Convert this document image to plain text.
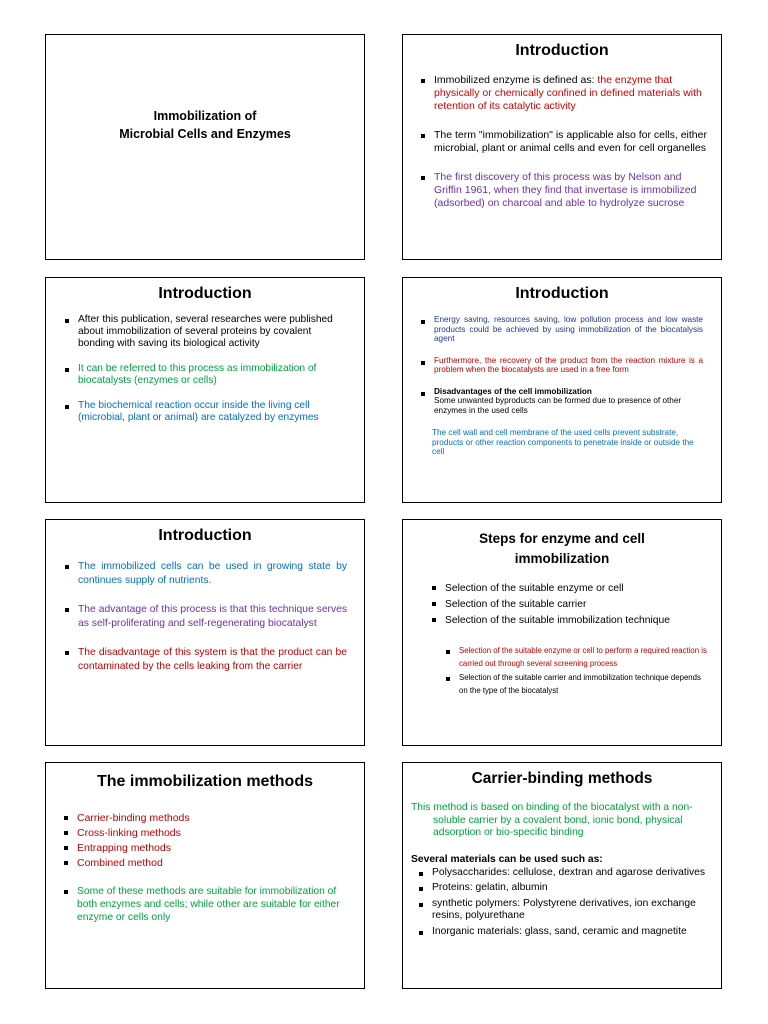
Immobilization of
Microbial Cells and Enzymes
Introduction
Immobilized enzyme is defined as: the enzyme that physically or chemically confined in defined materials with retention of its catalytic activity
The term "immobilization" is applicable also for cells, either microbial, plant or animal cells and even for cell organelles
The first discovery of this process was by Nelson and Griffin 1961, when they find that invertase is immobilized (adsorbed) on charcoal and able to hydrolyze sucrose
Introduction
After this publication, several researches were published about immobilization of several proteins by covalent bonding with saving its biological activity
It can be referred to this process as immobilization of biocatalysts (enzymes or cells)
The biochemical reaction occur inside the living cell (microbial, plant or animal) are catalyzed by enzymes
Introduction
Energy saving, resources saving, low pollution process and low waste products could be achieved by using immobilization of the biocatalysis agent
Furthermore, the recovery of the product from the reaction mixture is a problem when the biocatalysts are used in a free form
Disadvantages of the cell immobilization
Some unwanted byproducts can be formed due to presence of other enzymes in the used cells
The cell wall and cell membrane of the used cells prevent substrate, products or other reaction components to penetrate inside or outside the cell
Introduction
The immobilized cells can be used in growing state by continues supply of nutrients.
The advantage of this process is that this technique serves as self-proliferating and self-regenerating biocatalyst
The disadvantage of this system is that the product can be contaminated by the cells leaking from the carrier
Steps for enzyme and cell immobilization
Selection of the suitable enzyme or cell
Selection of the suitable carrier
Selection of the suitable immobilization technique
Selection of the suitable enzyme or cell to perform a required reaction is carried out through several screening process
Selection of the suitable carrier and immobilization technique depends on the type of the biocatalyst
The immobilization methods
Carrier-binding methods
Cross-linking methods
Entrapping methods
Combined method
Some of these methods are suitable for immobilization of both enzymes and cells; while other are suitable for either enzyme or cells only
Carrier-binding methods
This method is based on binding of the biocatalyst with a non-soluble carrier by a covalent bond, ionic bond, physical adsorption or bio-specific binding
Several materials can be used such as:
Polysaccharides: cellulose, dextran and agarose derivatives
Proteins: gelatin, albumin
synthetic polymers: Polystyrene derivatives, ion exchange resins, polyurethane
Inorganic materials: glass, sand, ceramic and magnetite
